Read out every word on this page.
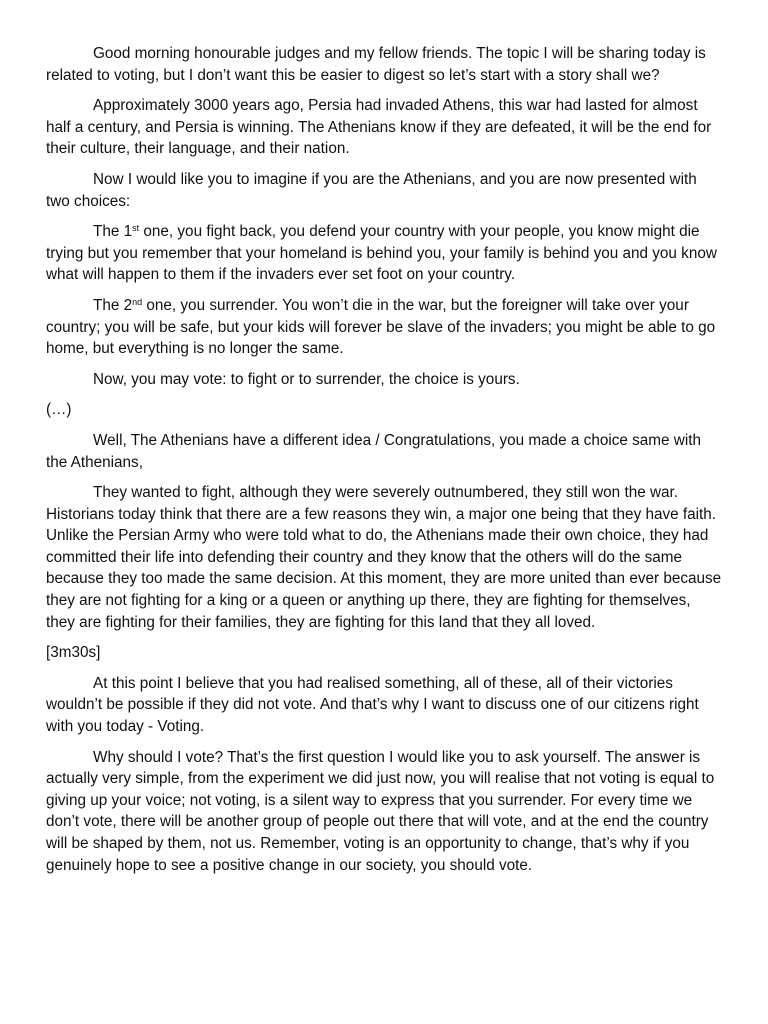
Good morning honourable judges and my fellow friends. The topic I will be sharing today is related to voting, but I don’t want this be easier to digest so let’s start with a story shall we?

Approximately 3000 years ago, Persia had invaded Athens, this war had lasted for almost half a century, and Persia is winning. The Athenians know if they are defeated, it will be the end for their culture, their language, and their nation.

Now I would like you to imagine if you are the Athenians, and you are now presented with two choices:

The 1st one, you fight back, you defend your country with your people, you know might die trying but you remember that your homeland is behind you, your family is behind you and you know what will happen to them if the invaders ever set foot on your country.

The 2nd one, you surrender. You won’t die in the war, but the foreigner will take over your country; you will be safe, but your kids will forever be slave of the invaders; you might be able to go home, but everything is no longer the same.

Now, you may vote: to fight or to surrender, the choice is yours.

(…)

Well, The Athenians have a different idea / Congratulations, you made a choice same with the Athenians,

They wanted to fight, although they were severely outnumbered, they still won the war. Historians today think that there are a few reasons they win, a major one being that they have faith. Unlike the Persian Army who were told what to do, the Athenians made their own choice, they had committed their life into defending their country and they know that the others will do the same because they too made the same decision. At this moment, they are more united than ever because they are not fighting for a king or a queen or anything up there, they are fighting for themselves, they are fighting for their families, they are fighting for this land that they all loved.

[3m30s]

At this point I believe that you had realised something, all of these, all of their victories wouldn’t be possible if they did not vote. And that’s why I want to discuss one of our citizens right with you today - Voting.

Why should I vote? That’s the first question I would like you to ask yourself. The answer is actually very simple, from the experiment we did just now, you will realise that not voting is equal to giving up your voice; not voting, is a silent way to express that you surrender. For every time we don’t vote, there will be another group of people out there that will vote, and at the end the country will be shaped by them, not us. Remember, voting is an opportunity to change, that’s why if you genuinely hope to see a positive change in our society, you should vote.
